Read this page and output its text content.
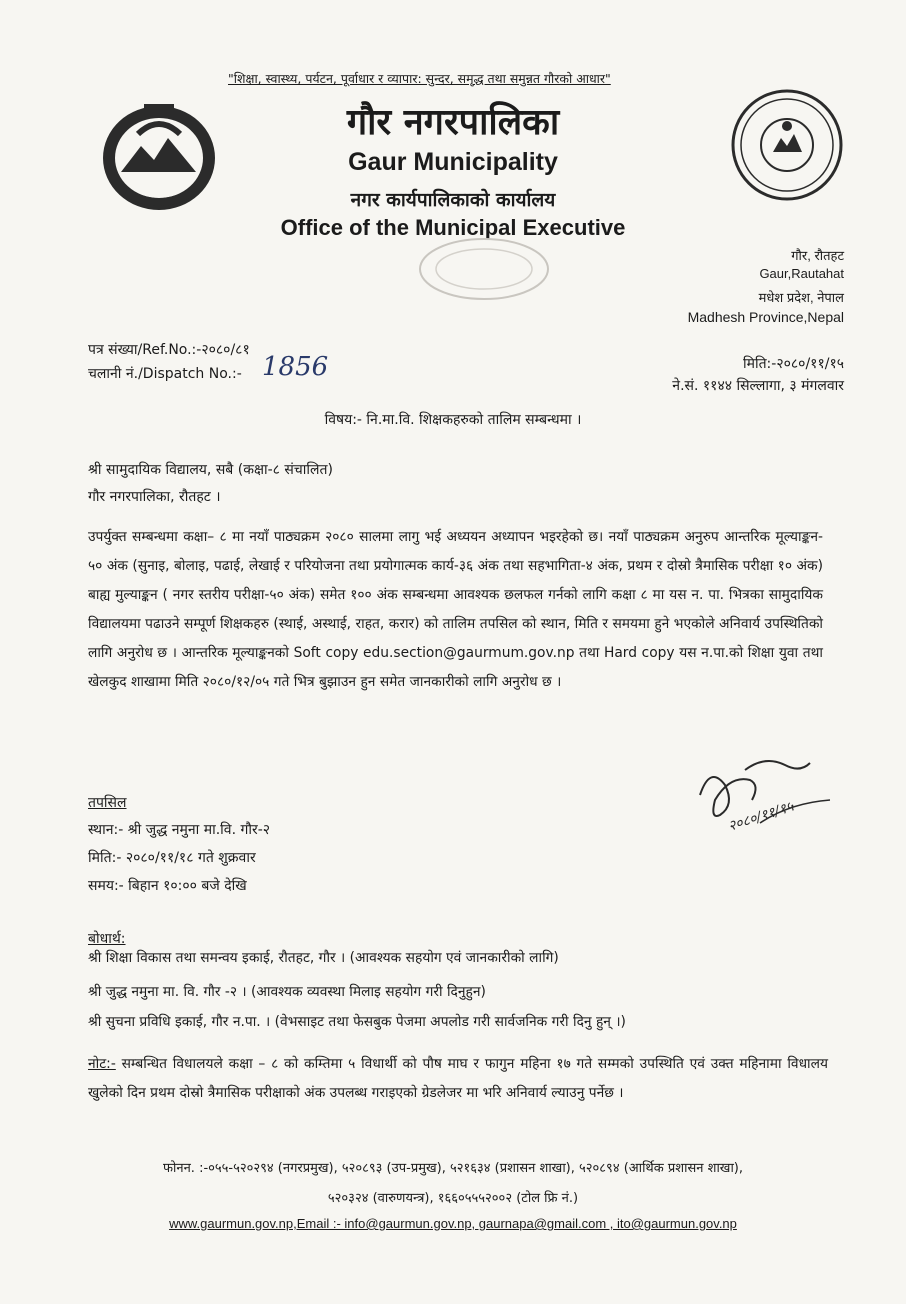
"शिक्षा, स्वास्थ्य, पर्यटन, पूर्वाधार र व्यापार: सुन्दर, समृद्ध तथा समुन्नत गौरको आधार"
गौर नगरपालिका
Gaur Municipality
नगर कार्यपालिकाको कार्यालय
Office of the Municipal Executive
गौर, रौतहट
Gaur,Rautahat
मधेश प्रदेश, नेपाल
Madhesh Province,Nepal
पत्र संख्या/Ref.No.:-२०८०/८१
चलानी नं./Dispatch No.:- 1856	मिति:-२०८०/११/१५
ने.सं. ११४४ सिल्लागा, ३ मंगलवार
विषय:- नि.मा.वि. शिक्षकहरुको तालिम सम्बन्धमा ।
श्री सामुदायिक विद्यालय, सबै (कक्षा-८ संचालित)
गौर नगरपालिका, रौतहट ।
उपर्युक्त सम्बन्धमा कक्षा– ८ मा नयाँ पाठ्यक्रम २०८० सालमा लागु भई अध्ययन अध्यापन भइरहेको छ। नयाँ पाठ्यक्रम अनुरुप आन्तरिक मूल्याङ्कन- ५० अंक (सुनाइ, बोलाइ, पढाई, लेखाई र परियोजना तथा प्रयोगात्मक कार्य-३६ अंक तथा सहभागिता-४ अंक, प्रथम र दोस्रो त्रैमासिक परीक्षा १० अंक) बाह्य मुल्याङ्कन ( नगर स्तरीय परीक्षा-५० अंक) समेत १०० अंक सम्बन्धमा आवश्यक छलफल गर्नको लागि कक्षा ८ मा यस न. पा. भित्रका सामुदायिक विद्यालयमा पढाउने सम्पूर्ण शिक्षकहरु (स्थाई, अस्थाई, राहत, करार) को तालिम तपसिल को स्थान, मिति र समयमा हुने भएकोले अनिवार्य उपस्थितिको लागि अनुरोध छ । आन्तरिक मूल्याङ्कनको Soft copy edu.section@gaurmum.gov.np तथा Hard copy यस न.पा.को शिक्षा युवा तथा खेलकुद शाखामा मिति २०८०/१२/०५ गते भित्र बुझाउन हुन समेत जानकारीको लागि अनुरोध छ ।
२०८०/११/१५
तपसिल
स्थान:- श्री जुद्ध नमुना मा.वि. गौर-२
मिति:- २०८०/११/१८ गते शुक्रवार
समय:- बिहान १०:०० बजे देखि
बोधार्थ:
श्री शिक्षा विकास तथा समन्वय इकाई, रौतहट, गौर । (आवश्यक सहयोग एवं जानकारीको लागि)
श्री जुद्ध नमुना मा. वि. गौर -२ । (आवश्यक व्यवस्था मिलाइ सहयोग गरी दिनुहुन)
श्री सुचना प्रविधि इकाई, गौर न.पा. । (वेभसाइट तथा फेसबुक पेजमा अपलोड गरी सार्वजनिक गरी दिनु हुन् ।)
नोट:- सम्बन्धित विधालयले कक्षा – ८ को कम्तिमा ५ विधार्थी को पौष माघ र फागुन महिना १७ गते सम्मको उपस्थिति एवं उक्त महिनामा विधालय खुलेको दिन प्रथम दोस्रो त्रैमासिक परीक्षाको अंक उपलब्ध गराइएको ग्रेडलेजर मा भरि अनिवार्य ल्याउनु पर्नेछ ।
फोनन. :-०५५-५२०२९४ (नगरप्रमुख), ५२०८९३ (उप-प्रमुख), ५२१६३४ (प्रशासन शाखा), ५२०८९४ (आर्थिक प्रशासन शाखा),
५२०३२४ (वारुणयन्त्र), १६६०५५५२००२ (टोल फ्रि नं.)
www.gaurmun.gov.np,Email :- info@gaurmun.gov.np, gaurnapa@gmail.com , ito@gaurmun.gov.np
